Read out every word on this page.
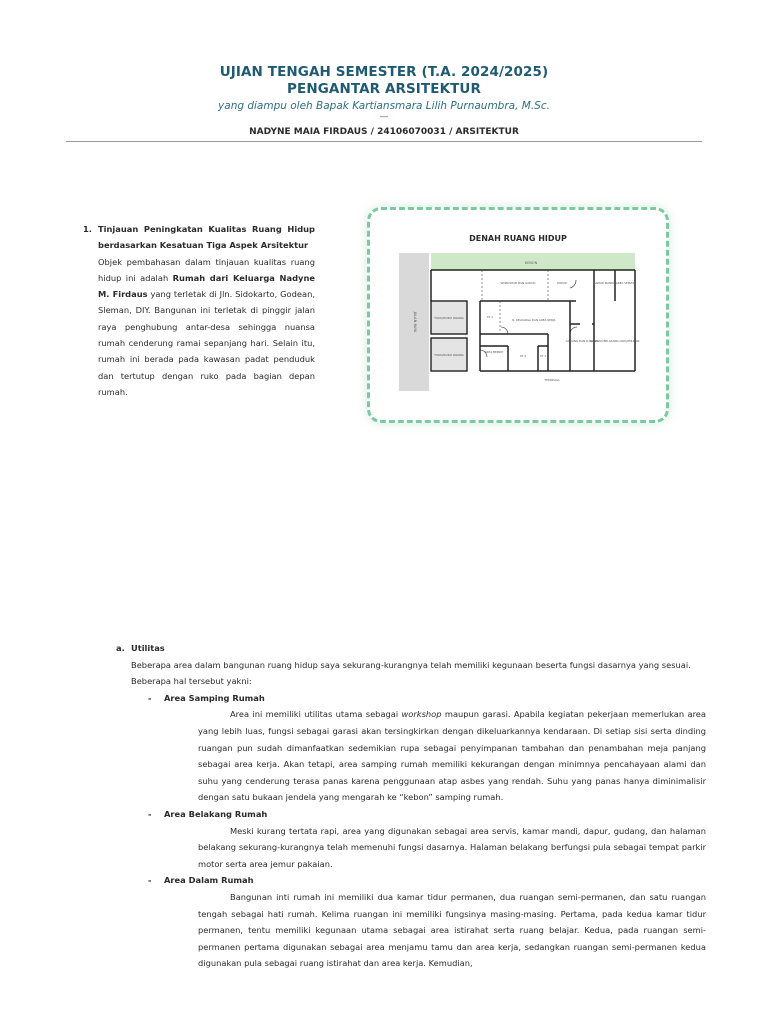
UJIAN TENGAH SEMESTER (T.A. 2024/2025)
PENGANTAR ARSITEKTUR
yang diampu oleh Bapak Kartiansmara Lilih Purnaumbra, M.Sc.
—
NADYNE MAIA FIRDAUS / 24106070031 / ARSITEKTUR
1. Tinjauan Peningkatan Kualitas Ruang Hidup berdasarkan Kesatuan Tiga Aspek Arsitektur
Objek pembahasan dalam tinjauan kualitas ruang hidup ini adalah Rumah dari Keluarga Nadyne M. Firdaus yang terletak di Jln. Sidokarto, Godean, Sleman, DIY. Bangunan ini terletak di pinggir jalan raya penghubung antar-desa sehingga nuansa rumah cenderung ramai sepanjang hari. Selain itu, rumah ini berada pada kawasan padat penduduk dan tertutup dengan ruko pada bagian depan rumah.
DENAH RUANG HIDUP
KEBON
JALAN RAYA	TOKO/RUKO ORANG
TOKO/RUKO ORANG
WORKSHOP DAN GARASI	DAPUR	KAMAR MANDI AREA SERVIS
KT 1
R. KELUARGA DAN AREA KERJA
AREA BERSIH
KT 2	KT 3
GUDANG DAN R. GANTI
HALAMAN BELAKANG DAN JEMURAN
TETANGGA
a. Utilitas
Beberapa area dalam bangunan ruang hidup saya sekurang-kurangnya telah memiliki kegunaan beserta fungsi dasarnya yang sesuai. Beberapa hal tersebut yakni:
- Area Samping Rumah
Area ini memiliki utilitas utama sebagai workshop maupun garasi. Apabila kegiatan pekerjaan memerlukan area yang lebih luas, fungsi sebagai garasi akan tersingkirkan dengan dikeluarkannya kendaraan. Di setiap sisi serta dinding ruangan pun sudah dimanfaatkan sedemikian rupa sebagai penyimpanan tambahan dan penambahan meja panjang sebagai area kerja. Akan tetapi, area samping rumah memiliki kekurangan dengan minimnya pencahayaan alami dan suhu yang cenderung terasa panas karena penggunaan atap asbes yang rendah. Suhu yang panas hanya diminimalisir dengan satu bukaan jendela yang mengarah ke “kebon” samping rumah.
- Area Belakang Rumah
Meski kurang tertata rapi, area yang digunakan sebagai area servis, kamar mandi, dapur, gudang, dan halaman belakang sekurang-kurangnya telah memenuhi fungsi dasarnya. Halaman belakang berfungsi pula sebagai tempat parkir motor serta area jemur pakaian.
- Area Dalam Rumah
Bangunan inti rumah ini memiliki dua kamar tidur permanen, dua ruangan semi-permanen, dan satu ruangan tengah sebagai hati rumah. Kelima ruangan ini memiliki fungsinya masing-masing. Pertama, pada kedua kamar tidur permanen, tentu memiliki kegunaan utama sebagai area istirahat serta ruang belajar. Kedua, pada ruangan semi-permanen pertama digunakan sebagai area menjamu tamu dan area kerja, sedangkan ruangan semi-permanen kedua digunakan pula sebagai ruang istirahat dan area kerja. Kemudian,
